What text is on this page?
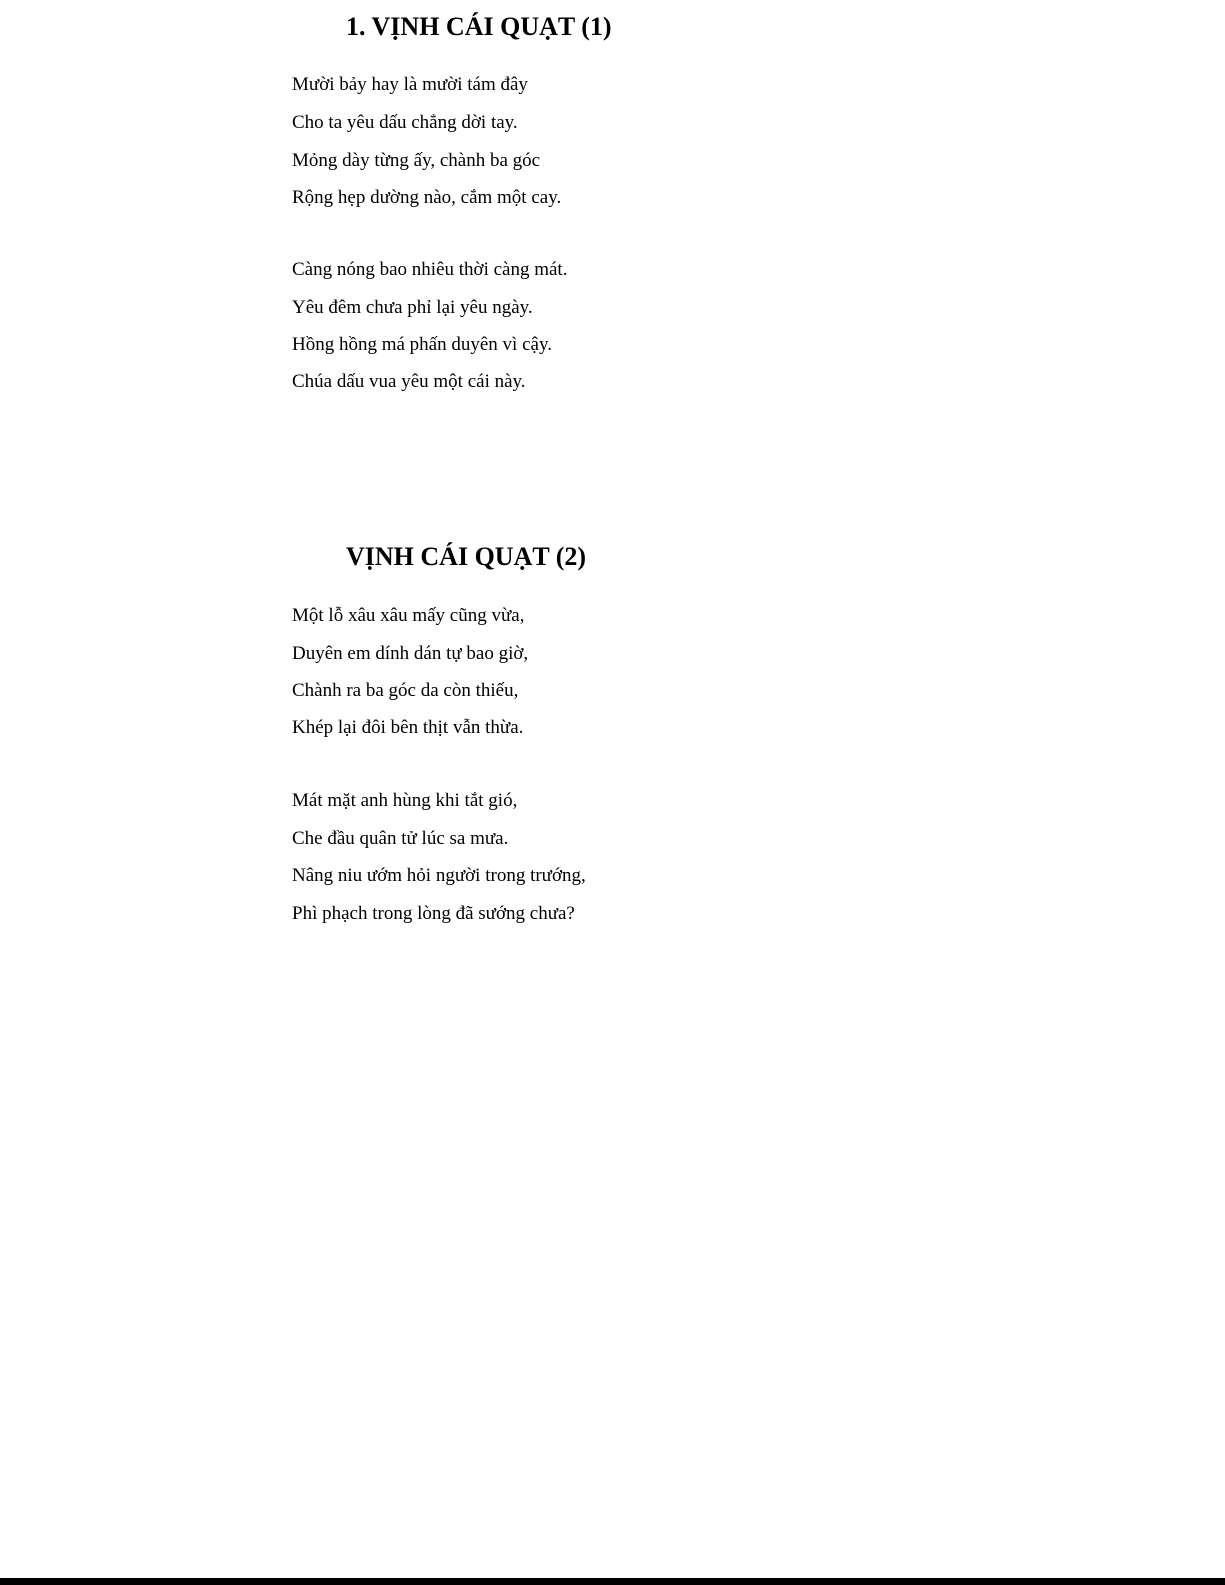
1. VỊNH CÁI QUẠT (1)

Mười bảy hay là mười tám đây

Cho ta yêu dấu chẳng dời tay.

Mỏng dày từng ấy, chành ba góc

Rộng hẹp dường nào, cắm một cay.

Càng nóng bao nhiêu thời càng mát.

Yêu đêm chưa phỉ lại yêu ngày.

Hồng hồng má phấn duyên vì cậy.

Chúa dấu vua yêu một cái này.

VỊNH CÁI QUẠT (2)

Một lỗ xâu xâu mấy cũng vừa,

Duyên em dính dán tự bao giờ,

Chành ra ba góc da còn thiếu,

Khép lại đôi bên thịt vẫn thừa.

Mát mặt anh hùng khi tắt gió,

Che đầu quân tử lúc sa mưa.

Nâng niu ướm hỏi người trong trướng,

Phì phạch trong lòng đã sướng chưa?
